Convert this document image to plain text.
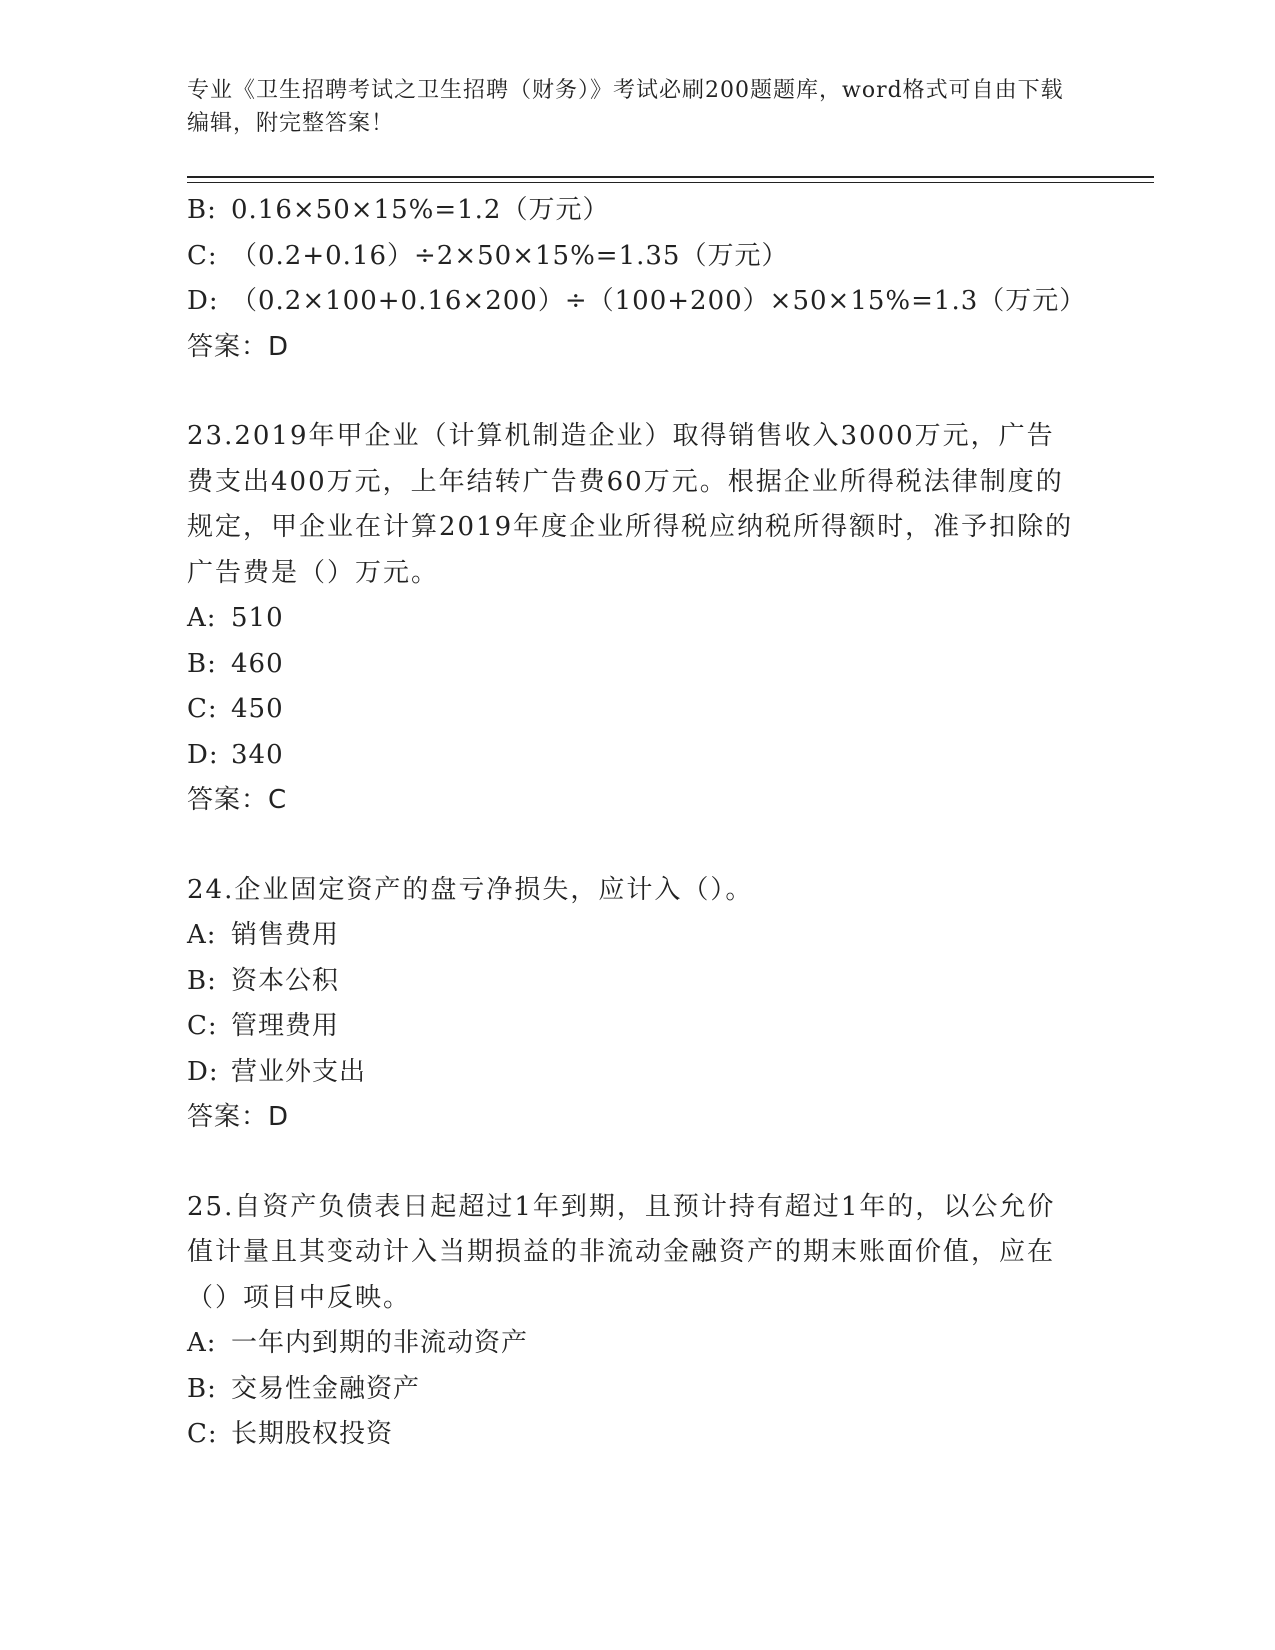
专业《卫生招聘考试之卫生招聘（财务）》考试必刷200题题库，word格式可自由下载编辑，附完整答案！
B: 0.16×50×15%=1.2（万元）
C: （0.2+0.16）÷2×50×15%=1.35（万元）
D: （0.2×100+0.16×200）÷（100+200）×50×15%=1.3（万元）
答案：D
23.2019年甲企业（计算机制造企业）取得销售收入3000万元，广告费支出400万元，上年结转广告费60万元。根据企业所得税法律制度的规定，甲企业在计算2019年度企业所得税应纳税所得额时，准予扣除的广告费是（）万元。
A: 510
B: 460
C: 450
D: 340
答案：C
24.企业固定资产的盘亏净损失，应计入（）。
A: 销售费用
B: 资本公积
C: 管理费用
D: 营业外支出
答案：D
25.自资产负债表日起超过1年到期，且预计持有超过1年的，以公允价值计量且其变动计入当期损益的非流动金融资产的期末账面价值，应在（）项目中反映。
A: 一年内到期的非流动资产
B: 交易性金融资产
C: 长期股权投资
